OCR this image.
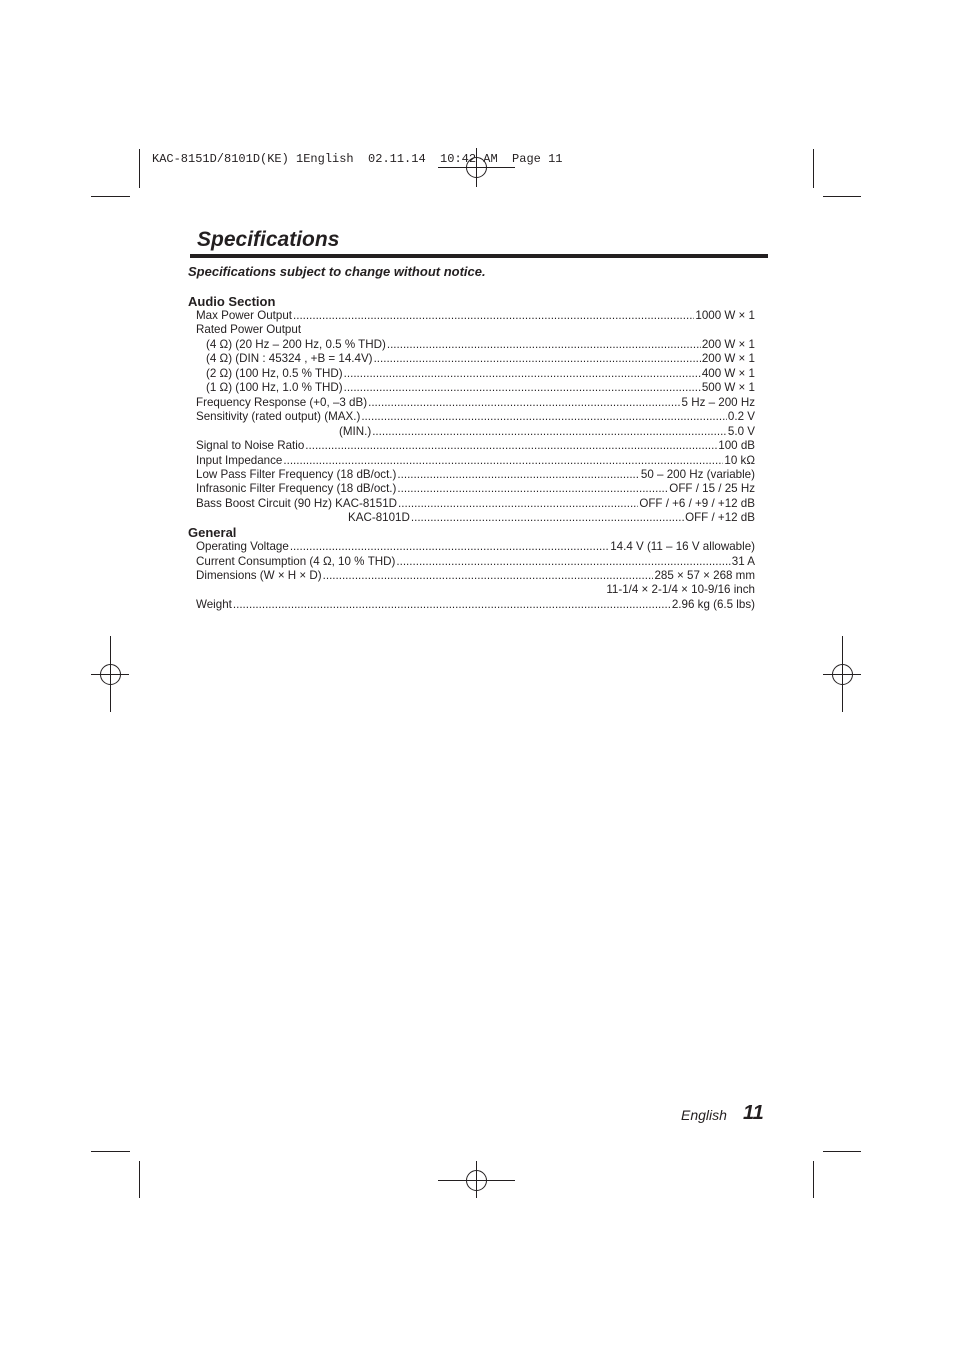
KAC-8151D/8101D(KE) 1English  02.11.14  10:42 AM  Page 11
Specifications
Specifications subject to change without notice.
Audio Section
Max Power Output .....	1000 W × 1
Rated Power Output
(4 Ω) (20 Hz – 200 Hz, 0.5 % THD) .....	200 W × 1
(4 Ω) (DIN : 45324 , +B = 14.4V) .....	200 W × 1
(2 Ω) (100 Hz, 0.5 % THD) .....	400 W × 1
(1 Ω) (100 Hz, 1.0 % THD) .....	500 W × 1
Frequency Response (+0, –3 dB) .....	5 Hz – 200 Hz
Sensitivity (rated output) (MAX.) .....	0.2 V
(MIN.) .....	5.0 V
Signal to Noise Ratio .....	100 dB
Input Impedance .....	10 kΩ
Low Pass Filter Frequency (18 dB/oct.) .....	50 – 200 Hz (variable)
Infrasonic Filter Frequency (18 dB/oct.) .....	OFF / 15 / 25 Hz
Bass Boost Circuit (90 Hz) KAC-8151D .....	OFF / +6 / +9 / +12 dB
KAC-8101D .....	OFF / +12 dB
General
Operating Voltage .....	14.4 V (11 – 16 V allowable)
Current Consumption (4 Ω, 10 % THD) .....	31 A
Dimensions (W × H × D) .....	285 × 57 × 268 mm
11-1/4 × 2-1/4 × 10-9/16 inch
Weight .....	2.96 kg (6.5 lbs)
English 11
